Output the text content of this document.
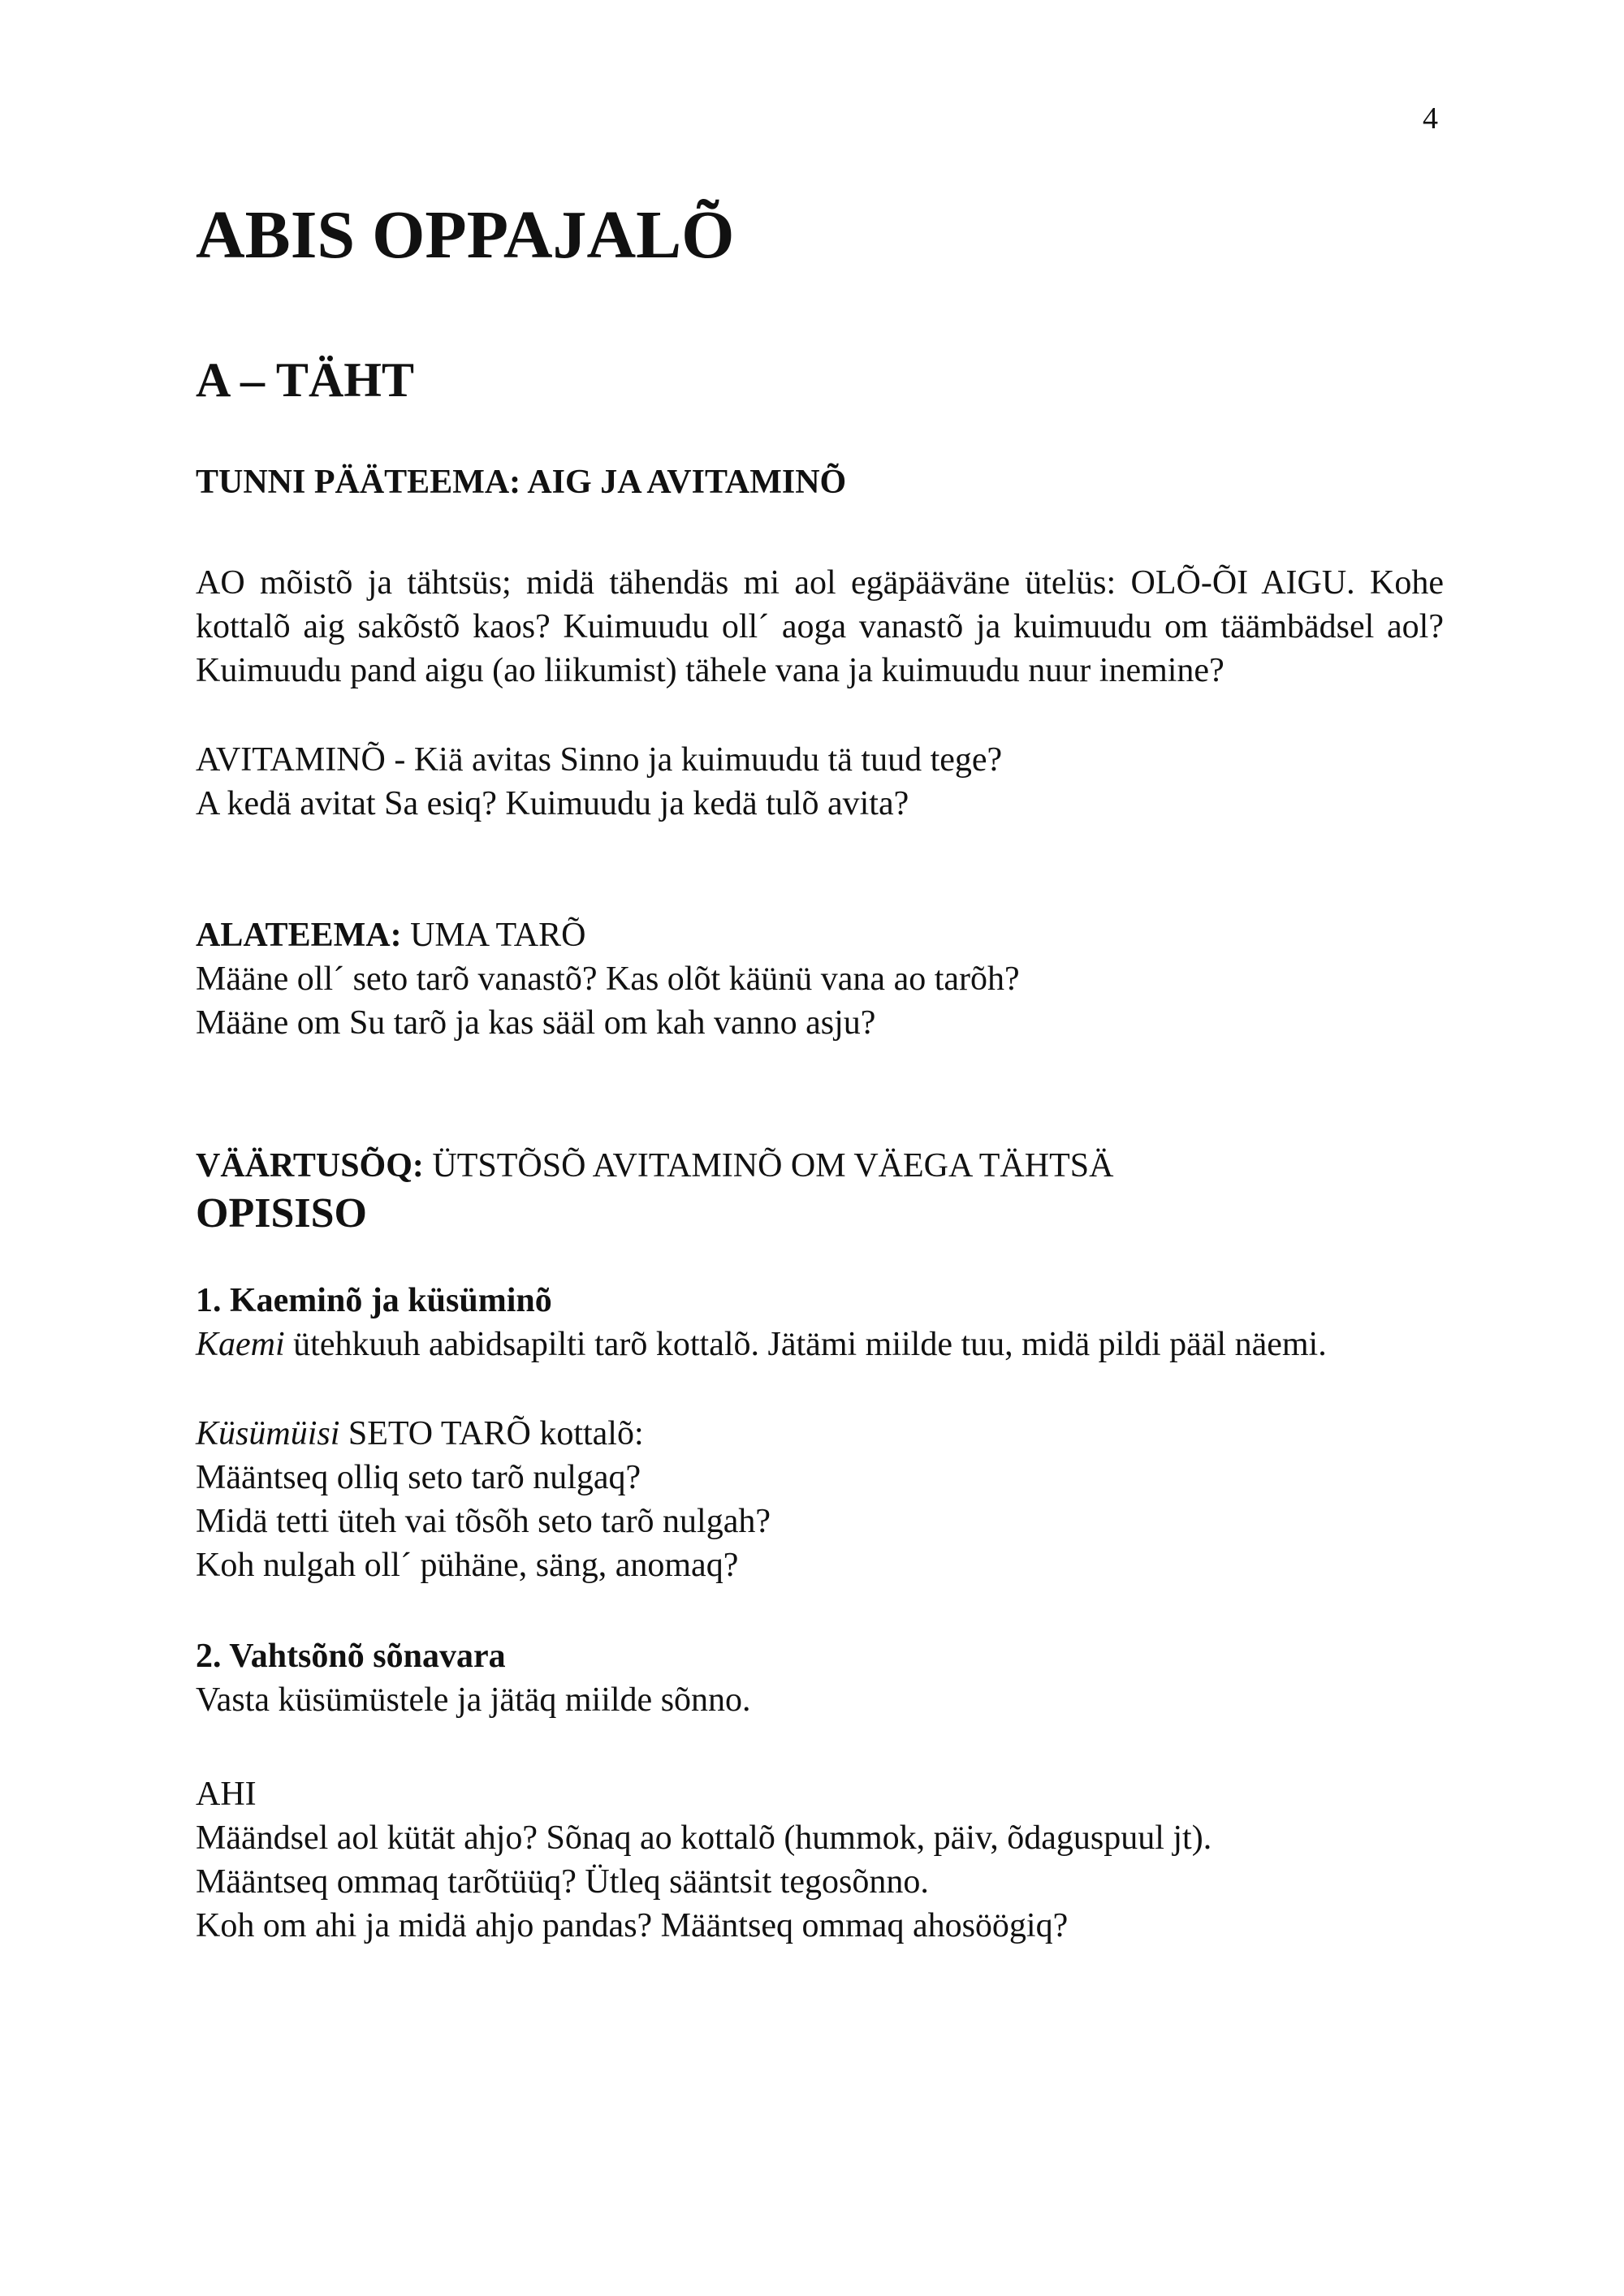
4
ABIS OPPAJALÕ
A – TÄHT
TUNNI PÄÄTEEMA: AIG JA AVITAMINÕ

AO mõistõ ja tähtsüs; midä tähendäs mi aol egäpääväne ütelüs: OLÕ-ÕI AIGU. Kohe kottalõ aig sakõstõ kaos? Kuimuudu oll´ aoga vanastõ ja kuimuudu om täämbädsel aol? Kuimuudu pand aigu (ao liikumist) tähele vana ja kuimuudu nuur inemine?

AVITAMINÕ - Kiä avitas Sinno ja kuimuudu tä tuud tege?
A kedä avitat Sa esiq? Kuimuudu ja kedä tulõ avita?
ALATEEMA: UMA TARÕ
Määne oll´ seto tarõ vanastõ? Kas olõt käünü vana ao tarõh?
Määne om Su tarõ ja kas sääl om kah vanno asju?
VÄÄRTUSÕQ: ÜTSTÕSÕ AVITAMINÕ OM VÄEGA TÄHTSÄ
OPISISO
1. Kaeminõ ja küsüminõ

Kaemi ütehkuuh aabidsapilti tarõ kottalõ. Jätämi miilde tuu, midä pildi pääl näemi.

Küsümüisi SETO TARÕ kottalõ:
Määntseq olliq seto tarõ nulgaq?
Midä tetti üteh vai tõsõh seto tarõ nulgah?
Koh nulgah oll´ pühäne, säng, anomaq?
2. Vahtsõnõ sõnavara
Vasta küsümüstele ja jätäq miilde sõnno.
AHI
Määndsel aol kütät ahjo? Sõnaq ao kottalõ (hummok, päiv, õdaguspuul jt).
Määntseq ommaq tarõtüüq? Ütleq sääntsit tegosõnno.
Koh om ahi ja midä ahjo pandas? Määntseq ommaq ahosöögiq?
